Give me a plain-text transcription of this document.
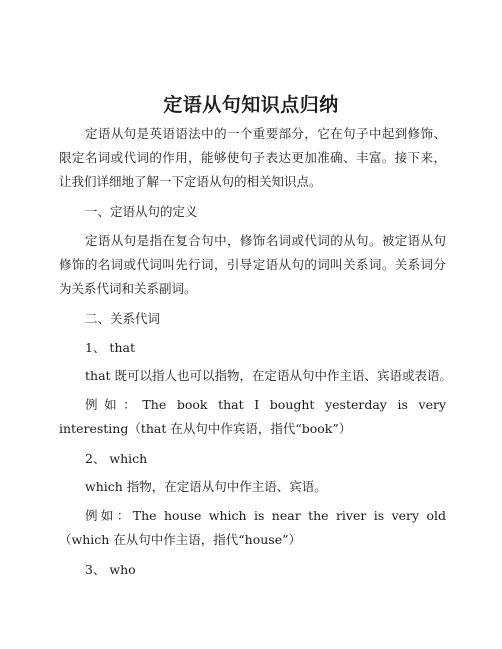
定语从句知识点归纳

定语从句是英语语法中的一个重要部分，它在句子中起到修饰、限定名词或代词的作用，能够使句子表达更加准确、丰富。接下来，让我们详细地了解一下定语从句的相关知识点。

一、定语从句的定义

定语从句是指在复合句中，修饰名词或代词的从句。被定语从句修饰的名词或代词叫先行词，引导定语从句的词叫关系词。关系词分为关系代词和关系副词。

二、关系代词

1、 that

that 既可以指人也可以指物，在定语从句中作主语、宾语或表语。

例如：The book that I bought yesterday is very interesting（that 在从句中作宾语，指代“book”）

2、 which

which 指物，在定语从句中作主语、宾语。

例如：The house which is near the river is very old（which 在从句中作主语，指代“house”）

3、 who
